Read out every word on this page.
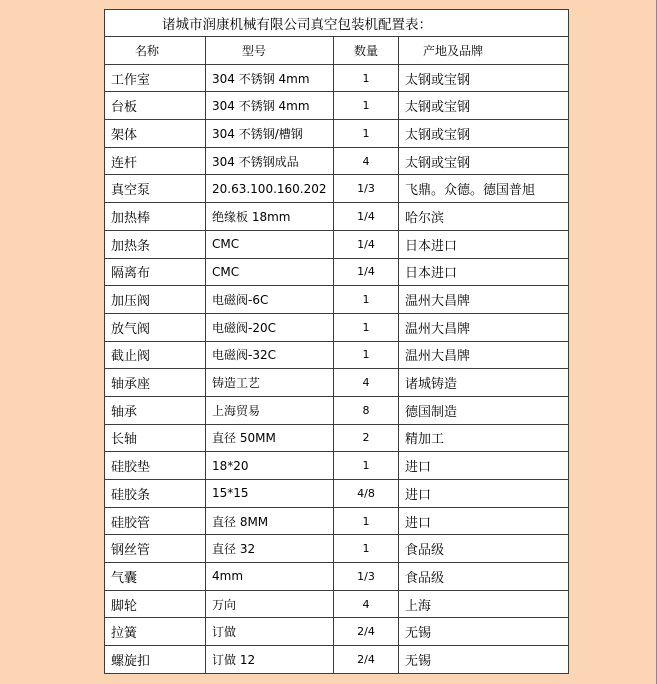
诸城市润康机械有限公司真空包装机配置表：			
名称	型号	数量	产地及品牌
工作室	304 不锈钢 4mm	1	太钢或宝钢
台板	304 不锈钢 4mm	1	太钢或宝钢
架体	304 不锈钢/槽钢	1	太钢或宝钢
连杆	304 不锈钢成品	4	太钢或宝钢
真空泵	20.63.100.160.202	1/3	飞鼎。众德。德国普旭
加热棒	绝缘板 18mm	1/4	哈尔滨
加热条	CMC	1/4	日本进口
隔离布	CMC	1/4	日本进口
加压阀	电磁阀-6C	1	温州大昌牌
放气阀	电磁阀-20C	1	温州大昌牌
截止阀	电磁阀-32C	1	温州大昌牌
轴承座	铸造工艺	4	诸城铸造
轴承	上海贸易	8	德国制造
长轴	直径 50MM	2	精加工
硅胶垫	18*20	1	进口
硅胶条	15*15	4/8	进口
硅胶管	直径 8MM	1	进口
钢丝管	直径 32	1	食品级
气囊	4mm	1/3	食品级
脚轮	万向	4	上海
拉簧	订做	2/4	无锡
螺旋扣	订做 12	2/4	无锡
